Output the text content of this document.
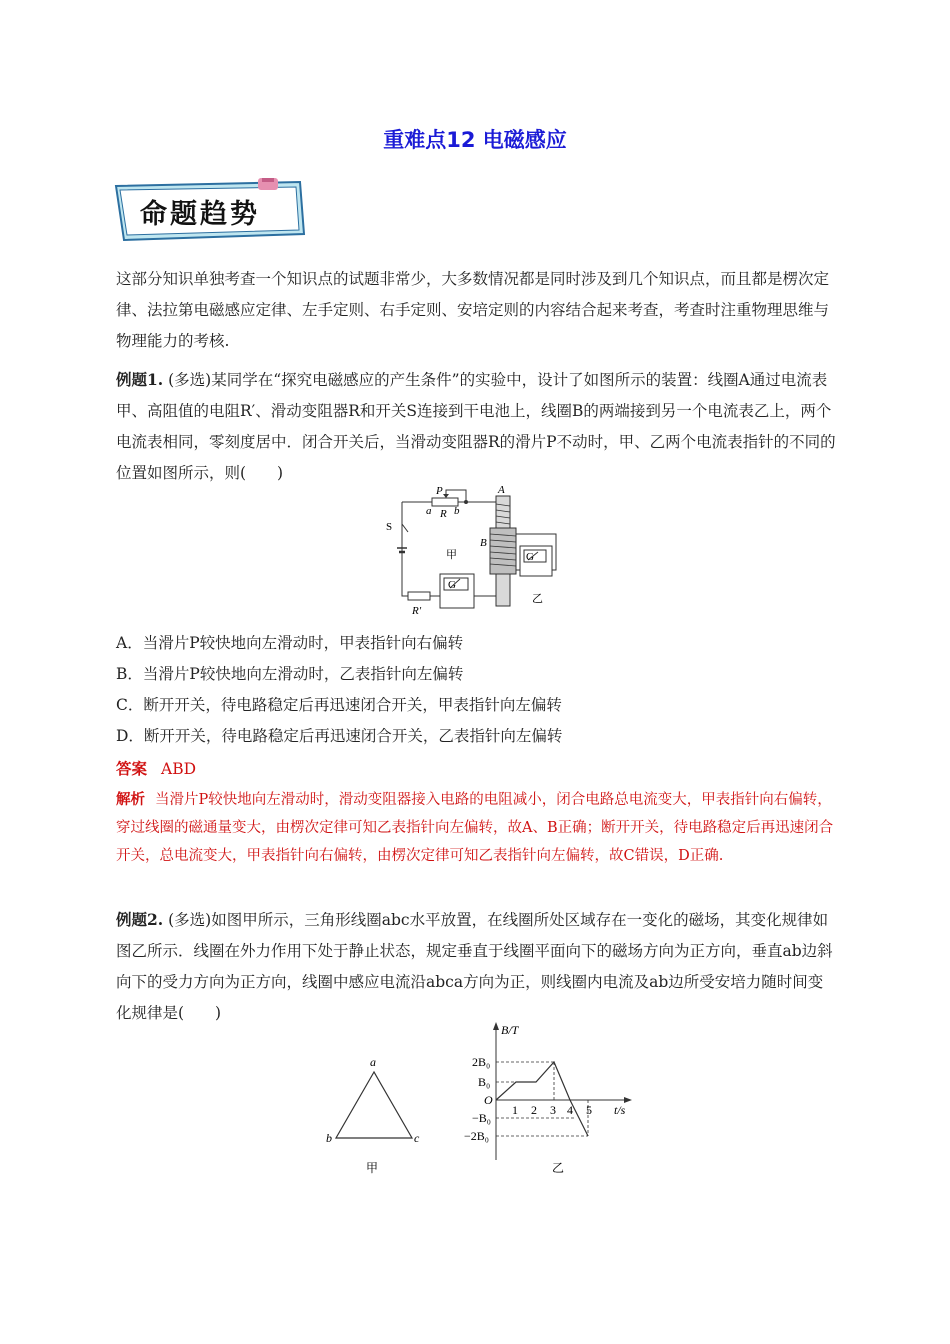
重难点12 电磁感应
命题趋势
这部分知识单独考查一个知识点的试题非常少，大多数情况都是同时涉及到几个知识点，而且都是楞次定律、法拉第电磁感应定律、左手定则、右手定则、安培定则的内容结合起来考查，考查时注重物理思维与物理能力的考核.
例题1. (多选)某同学在“探究电磁感应的产生条件”的实验中，设计了如图所示的装置：线圈A通过电流表甲、高阻值的电阻R′、滑动变阻器R和开关S连接到干电池上，线圈B的两端接到另一个电流表乙上，两个电流表相同，零刻度居中．闭合开关后，当滑动变阻器R的滑片P不动时，甲、乙两个电流表指针的不同的位置如图所示，则(　　)
P
a R b
A
S
甲
B
G
G
乙
R′
A．当滑片P较快地向左滑动时，甲表指针向右偏转
B．当滑片P较快地向左滑动时，乙表指针向左偏转
C．断开开关，待电路稳定后再迅速闭合开关，甲表指针向左偏转
D．断开开关，待电路稳定后再迅速闭合开关，乙表指针向左偏转
答案 ABD
解析 当滑片P较快地向左滑动时，滑动变阻器接入电路的电阻减小，闭合电路总电流变大，甲表指针向右偏转，穿过线圈的磁通量变大，由楞次定律可知乙表指针向左偏转，故A、B正确；断开开关，待电路稳定后再迅速闭合开关，总电流变大，甲表指针向右偏转，由楞次定律可知乙表指针向左偏转，故C错误，D正确.
例题2. (多选)如图甲所示，三角形线圈abc水平放置，在线圈所处区域存在一变化的磁场，其变化规律如图乙所示．线圈在外力作用下处于静止状态，规定垂直于线圈平面向下的磁场方向为正方向，垂直ab边斜向下的受力方向为正方向，线圈中感应电流沿abca方向为正，则线圈内电流及ab边所受安培力随时间变化规律是(　　)
a
b	c
甲
B/T
t/s
O
2B₀
B₀
−B₀
−2B₀
1 2 3 4 5
乙
